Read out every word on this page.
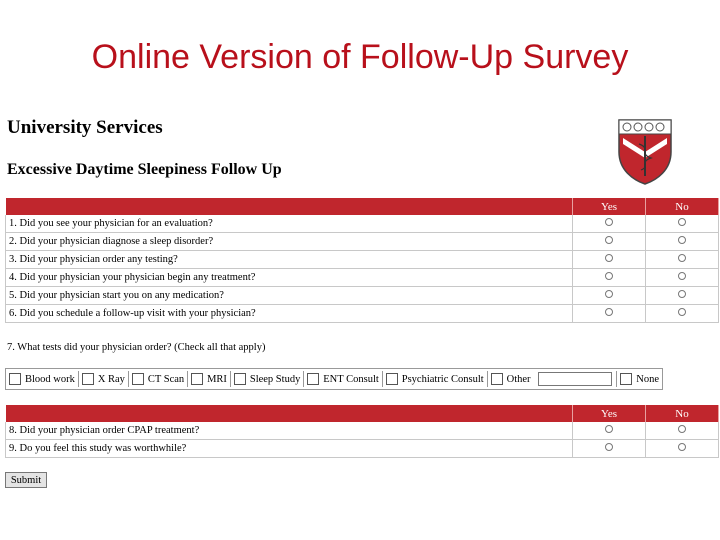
Online Version of Follow-Up Survey
University Services
Excessive Daytime Sleepiness Follow Up
	Yes	No
1. Did you see your physician for an evaluation?		
2. Did your physician diagnose a sleep disorder?		
3. Did your physician order any testing?		
4. Did your physician your physician begin any treatment?		
5. Did your physician start you on any medication?		
6. Did you schedule a follow-up visit with your physician?		
7. What tests did your physician order? (Check all that apply)
Blood work X Ray CT Scan MRI Sleep Study ENT Consult Psychiatric Consult Other	None
	Yes	No
8. Did your physician order CPAP treatment?		
9. Do you feel this study was worthwhile?		
Submit
